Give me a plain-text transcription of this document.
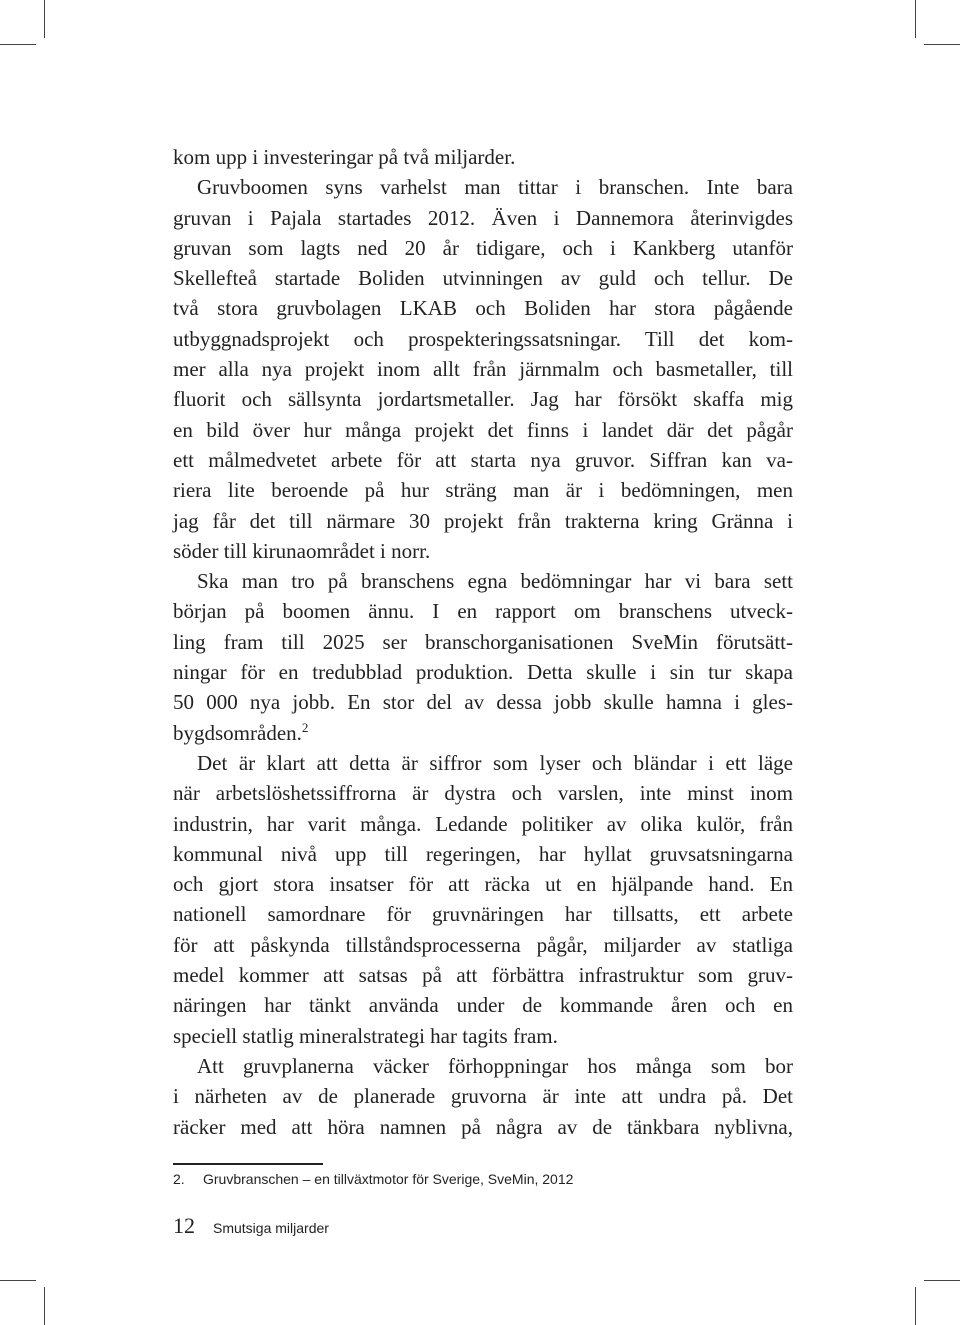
kom upp i investeringar på två miljarder.
Gruvboomen syns varhelst man tittar i branschen. Inte bara
gruvan i Pajala startades 2012. Även i Dannemora återinvigdes
gruvan som lagts ned 20 år tidigare, och i Kankberg utanför
Skellefteå startade Boliden utvinningen av guld och tellur. De
två stora gruvbolagen LKAB och Boliden har stora pågående
utbyggnadsprojekt och prospekteringssatsningar. Till det kom-
mer alla nya projekt inom allt från järnmalm och basmetaller, till
fluorit och sällsynta jordartsmetaller. Jag har försökt skaffa mig
en bild över hur många projekt det finns i landet där det pågår
ett målmedvetet arbete för att starta nya gruvor. Siffran kan va-
riera lite beroende på hur sträng man är i bedömningen, men
jag får det till närmare 30 projekt från trakterna kring Gränna i
söder till kirunaområdet i norr.
Ska man tro på branschens egna bedömningar har vi bara sett
början på boomen ännu. I en rapport om branschens utveck-
ling fram till 2025 ser branschorganisationen SveMin förutsätt-
ningar för en tredubblad produktion. Detta skulle i sin tur skapa
50 000 nya jobb. En stor del av dessa jobb skulle hamna i gles-
bygdsområden.$^2$
Det är klart att detta är siffror som lyser och bländar i ett läge
när arbetslöshetssiffrorna är dystra och varslen, inte minst inom
industrin, har varit många. Ledande politiker av olika kulör, från
kommunal nivå upp till regeringen, har hyllat gruvsatsningarna
och gjort stora insatser för att räcka ut en hjälpande hand. En
nationell samordnare för gruvnäringen har tillsatts, ett arbete
för att påskynda tillståndsprocesserna pågår, miljarder av statliga
medel kommer att satsas på att förbättra infrastruktur som gruv-
näringen har tänkt använda under de kommande åren och en
speciell statlig mineralstrategi har tagits fram.
Att gruvplanerna väcker förhoppningar hos många som bor
i närheten av de planerade gruvorna är inte att undra på. Det
räcker med att höra namnen på några av de tänkbara nyblivna,
2. Gruvbranschen – en tillväxtmotor för Sverige, SveMin, 2012
12 Smutsiga miljarder
